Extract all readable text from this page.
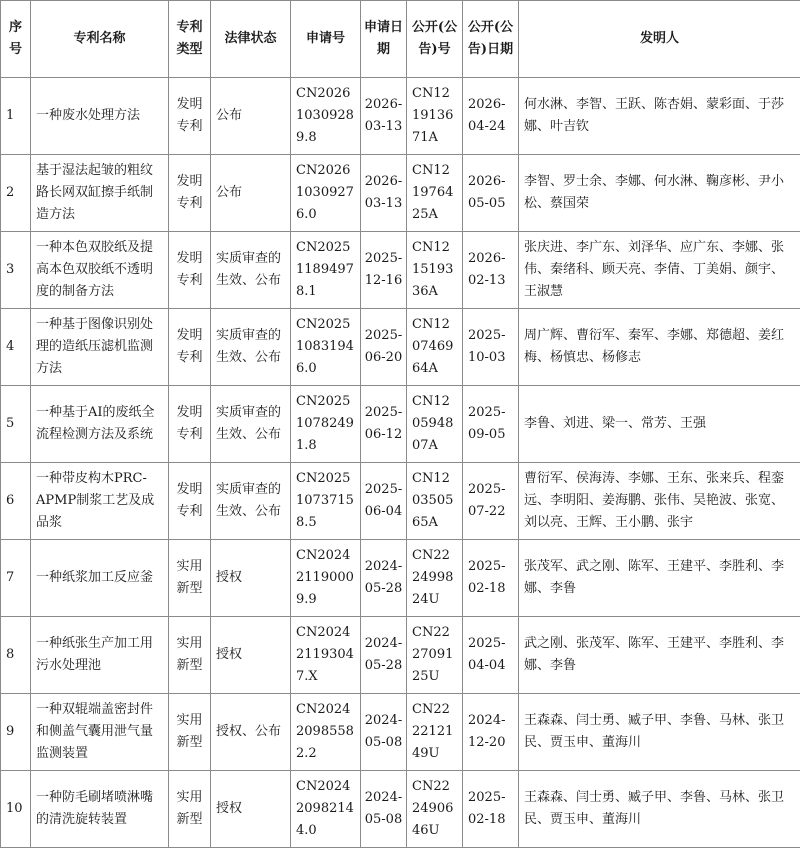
序号	专利名称	专利类型	法律状态	申请号	申请日期	公开(公告)号	公开(公告)日期	发明人
1	一种废水处理方法	发明专利	公布	CN202610309289.8	2026-03-13	CN121913671A	2026-04-24	何水淋、李智、王跃、陈杏娟、蒙彩面、于莎娜、叶吉钦
2	基于湿法起皱的粗纹路长网双缸擦手纸制造方法	发明专利	公布	CN202610309276.0	2026-03-13	CN121976425A	2026-05-05	李智、罗士余、李娜、何水淋、鞠彦彬、尹小松、蔡国荣
3	一种本色双胶纸及提高本色双胶纸不透明度的制备方法	发明专利	实质审查的生效、公布	CN202511894978.1	2025-12-16	CN121519336A	2026-02-13	张庆进、李广东、刘泽华、应广东、李娜、张伟、秦绪科、顾天亮、李倩、丁美娟、颜宇、王淑慧
4	一种基于图像识别处理的造纸压滤机监测方法	发明专利	实质审查的生效、公布	CN202510831946.0	2025-06-20	CN120746964A	2025-10-03	周广辉、曹衍军、秦军、李娜、郑德超、姜红梅、杨慎忠、杨修志
5	一种基于AI的废纸全流程检测方法及系统	发明专利	实质审查的生效、公布	CN202510782491.8	2025-06-12	CN120594807A	2025-09-05	李鲁、刘进、梁一、常芳、王强
6	一种带皮构木PRC-APMP制浆工艺及成品浆	发明专利	实质审查的生效、公布	CN202510737158.5	2025-06-04	CN120350565A	2025-07-22	曹衍军、侯海涛、李娜、王东、张来兵、程銮远、李明阳、姜海鹏、张伟、吴艳波、张宽、刘以亮、王辉、王小鹏、张宇
7	一种纸浆加工反应釜	实用新型	授权	CN202421190009.9	2024-05-28	CN222499824U	2025-02-18	张茂军、武之刚、陈军、王建平、李胜利、李娜、李鲁
8	一种纸张生产加工用污水处理池	实用新型	授权	CN202421193047.X	2024-05-28	CN222709125U	2025-04-04	武之刚、张茂军、陈军、王建平、李胜利、李娜、李鲁
9	一种双辊端盖密封件和侧盖气囊用泄气量监测装置	实用新型	授权、公布	CN202420985582.2	2024-05-08	CN222212149U	2024-12-20	王森森、闫士勇、臧子甲、李鲁、马林、张卫民、贾玉申、董海川
10	一种防毛刷堵喷淋嘴的清洗旋转装置	实用新型	授权	CN202420982144.0	2024-05-08	CN222490646U	2025-02-18	王森森、闫士勇、臧子甲、李鲁、马林、张卫民、贾玉申、董海川
